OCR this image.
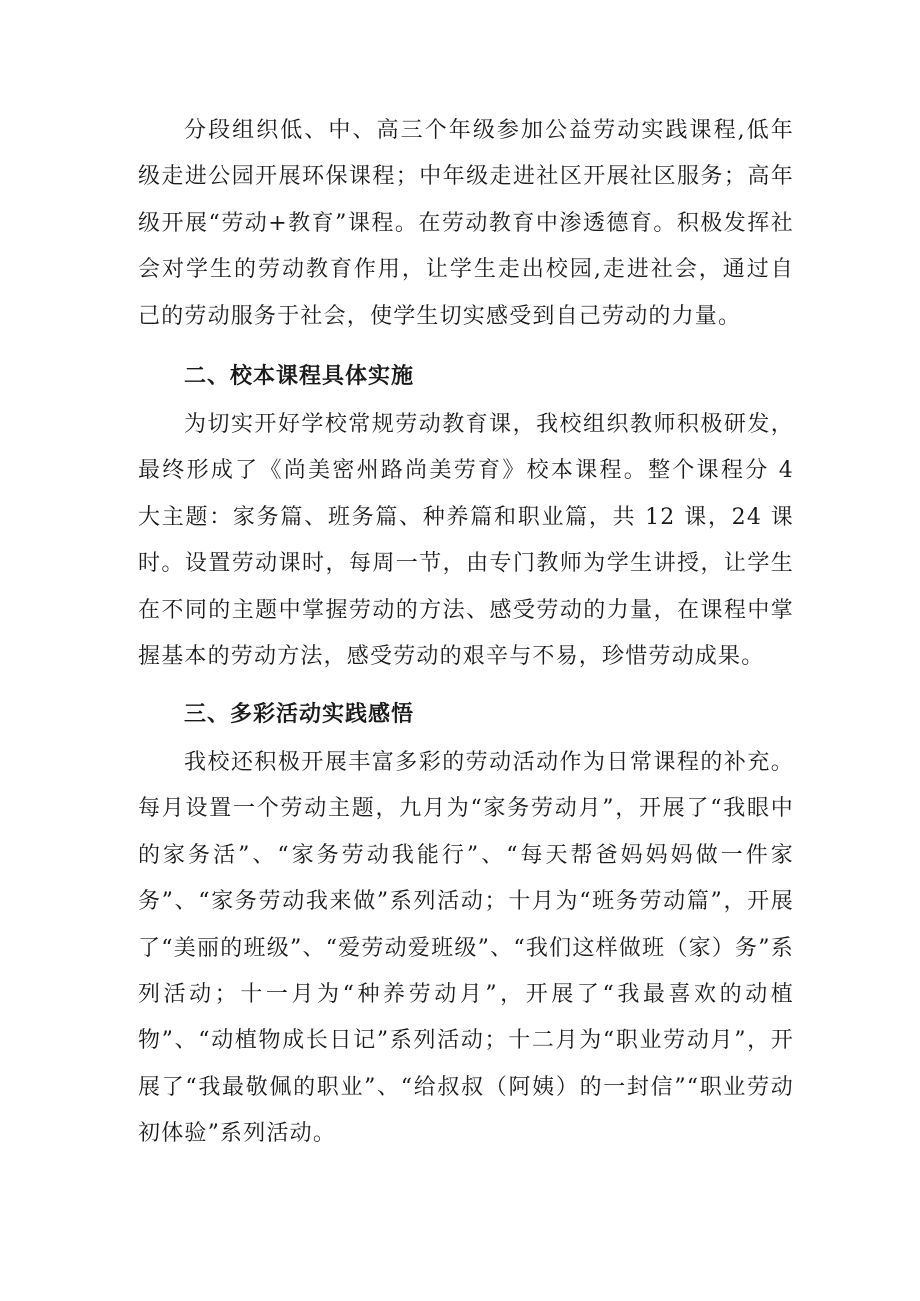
分段组织低、中、高三个年级参加公益劳动实践课程,低年级走进公园开展环保课程；中年级走进社区开展社区服务；高年级开展“劳动+教育”课程。在劳动教育中渗透德育。积极发挥社会对学生的劳动教育作用，让学生走出校园,走进社会，通过自己的劳动服务于社会，使学生切实感受到自己劳动的力量。

二、校本课程具体实施

为切实开好学校常规劳动教育课，我校组织教师积极研发，最终形成了《尚美密州路尚美劳育》校本课程。整个课程分 4 大主题：家务篇、班务篇、种养篇和职业篇，共 12 课，24 课时。设置劳动课时，每周一节，由专门教师为学生讲授，让学生在不同的主题中掌握劳动的方法、感受劳动的力量，在课程中掌握基本的劳动方法，感受劳动的艰辛与不易，珍惜劳动成果。

三、多彩活动实践感悟

我校还积极开展丰富多彩的劳动活动作为日常课程的补充。每月设置一个劳动主题，九月为“家务劳动月”，开展了“我眼中的家务活”、“家务劳动我能行”、“每天帮爸妈妈妈做一件家务”、“家务劳动我来做”系列活动；十月为“班务劳动篇”，开展了“美丽的班级”、“爱劳动爱班级”、“我们这样做班（家）务”系列活动；十一月为“种养劳动月”，开展了“我最喜欢的动植物”、“动植物成长日记”系列活动；十二月为“职业劳动月”，开展了“我最敬佩的职业”、“给叔叔（阿姨）的一封信”“职业劳动初体验”系列活动。
